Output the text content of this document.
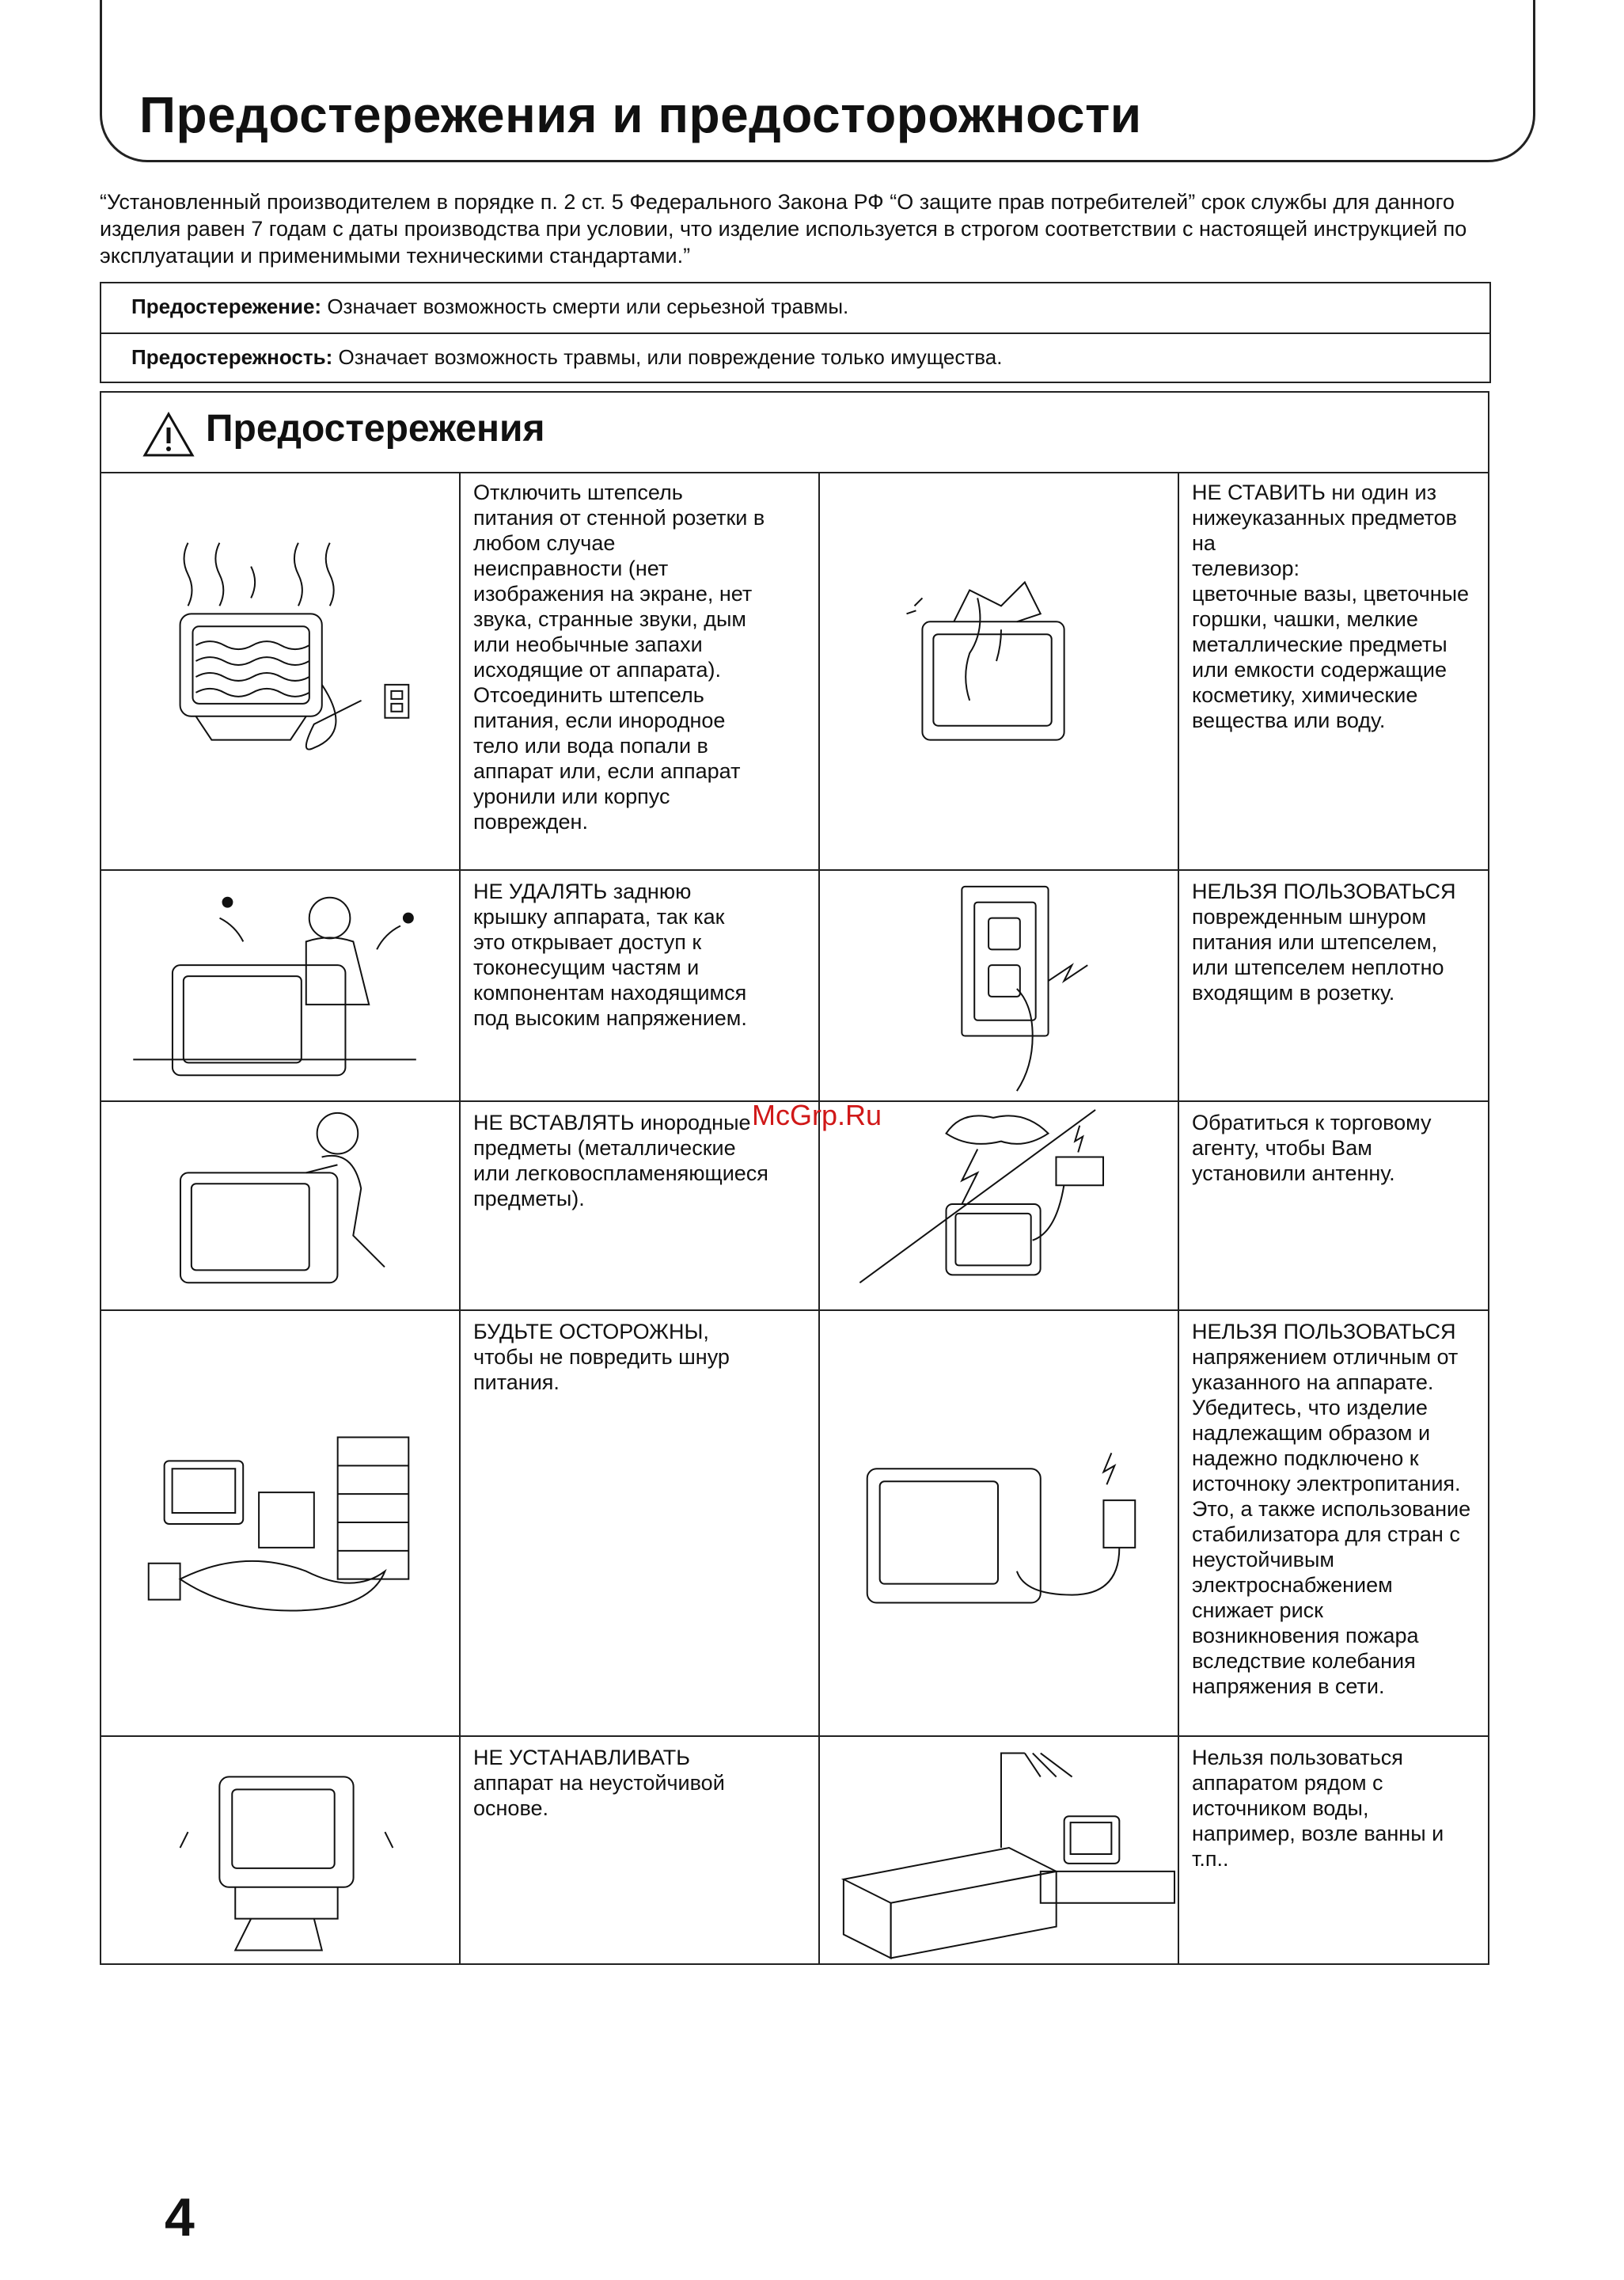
Предостережения и предосторожности

“Установленный производителем в порядке п. 2 ст. 5 Федерального Закона РФ “О защите прав потребителей” срок службы для данного изделия равен 7 годам с даты производства при условии, что изделие используется в строгом соответствии с настоящей инструкцией по эксплуатации и применимыми техническими стандартами.”

Предостережение: Означает возможность смерти или серьезной травмы.
Предостережность: Означает возможность травмы, или повреждение только имущества.
Предостережения

Отключить штепсель
питания от стенной розетки в
любом случае
неисправности (нет
изображения на экране, нет
звука, странные звуки, дым
или необычные запахи
исходящие от аппарата).
Отсоединить штепсель
питания, если инородное
тело или вода попали в
аппарат или, если аппарат
уронили или корпус
поврежден.

НЕ СТАВИТЬ ни один из
нижеуказанных предметов на
телевизор:
цветочные вазы, цветочные
горшки, чашки, мелкие
металлические предметы
или емкости содержащие
косметику, химические
вещества или воду.

НЕ УДАЛЯТЬ заднюю
крышку аппарата, так как
это открывает доступ к
токонесущим частям и
компонентам находящимся
под высоким напряжением.

НЕЛЬЗЯ ПОЛЬЗОВАТЬСЯ
поврежденным шнуром
питания или штепселем,
или штепселем неплотно
входящим в розетку.

НЕ ВСТАВЛЯТЬ инородные
предметы (металлические
или легковоспламеняющиеся
предметы).

Обратиться к торговому
агенту, чтобы Вам
установили антенну.

БУДЬТЕ ОСТОРОЖНЫ,
чтобы не повредить шнур
питания.

НЕЛЬЗЯ ПОЛЬЗОВАТЬСЯ
напряжением отличным от
указанного на аппарате.
Убедитесь, что изделие
надлежащим образом и
надежно подключено к
источноку электропитания.
Это, а также использование
стабилизатора для стран с
неустойчивым
электроснабжением
снижает риск
возникновения пожара
вследствие колебания
напряжения в сети.

НЕ УСТАНАВЛИВАТЬ
аппарат на неустойчивой
основе.

Нельзя пользоваться
аппаратом рядом с
источником воды,
например, возле ванны и
т.п..

McGrp.Ru

4
